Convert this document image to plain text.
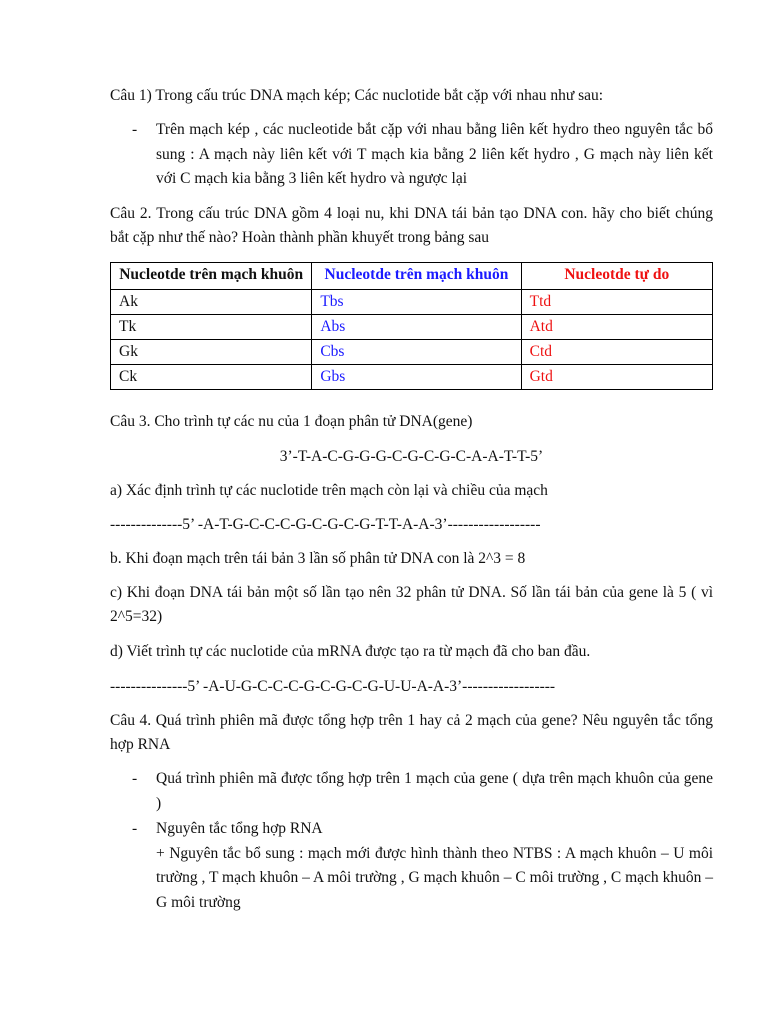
Câu 1) Trong cấu trúc DNA mạch kép; Các nuclotide bắt cặp với nhau như sau:
- Trên mạch kép , các nucleotide bắt cặp với nhau bằng liên kết hydro theo nguyên tắc bổ sung : A mạch này liên kết với T mạch kia bằng 2 liên kết hydro , G mạch này liên kết với C mạch kia bằng 3 liên kết hydro và ngược lại
Câu 2. Trong cấu trúc DNA gồm 4 loại nu, khi DNA tái bản tạo DNA con. hãy cho biết chúng bắt cặp như thế nào? Hoàn thành phần khuyết trong bảng sau
Nucleotde trên mạch khuôn	Nucleotde trên mạch khuôn	Nucleotde tự do
Ak	Tbs	Ttd
Tk	Abs	Atd
Gk	Cbs	Ctd
Ck	Gbs	Gtd
Câu 3. Cho trình tự các nu của 1 đoạn phân tử DNA(gene)
3’-T-A-C-G-G-G-C-G-C-G-C-A-A-T-T-5’
a) Xác định trình tự các nuclotide trên mạch còn lại và chiều của mạch
--------------5’ -A-T-G-C-C-C-G-C-G-C-G-T-T-A-A-3’------------------
b. Khi đoạn mạch trên tái bản 3 lần số phân tử DNA con là 2^3 = 8
c) Khi đoạn DNA tái bản một số lần tạo nên 32 phân tử DNA. Số lần tái bản của gene là 5 ( vì 2^5=32)
d) Viết trình tự các nuclotide của mRNA được tạo ra từ mạch đã cho ban đầu.
---------------5’ -A-U-G-C-C-C-G-C-G-C-G-U-U-A-A-3’------------------
Câu 4. Quá trình phiên mã được tổng hợp trên 1 hay cả 2 mạch của gene? Nêu nguyên tắc tổng hợp RNA
- Quá trình phiên mã được tổng hợp trên 1 mạch của gene ( dựa trên mạch khuôn của gene )
- Nguyên tắc tổng hợp RNA
+ Nguyên tắc bổ sung : mạch mới được hình thành theo NTBS : A mạch khuôn – U môi trường , T mạch khuôn – A môi trường , G mạch khuôn – C môi trường , C mạch khuôn – G môi trường
